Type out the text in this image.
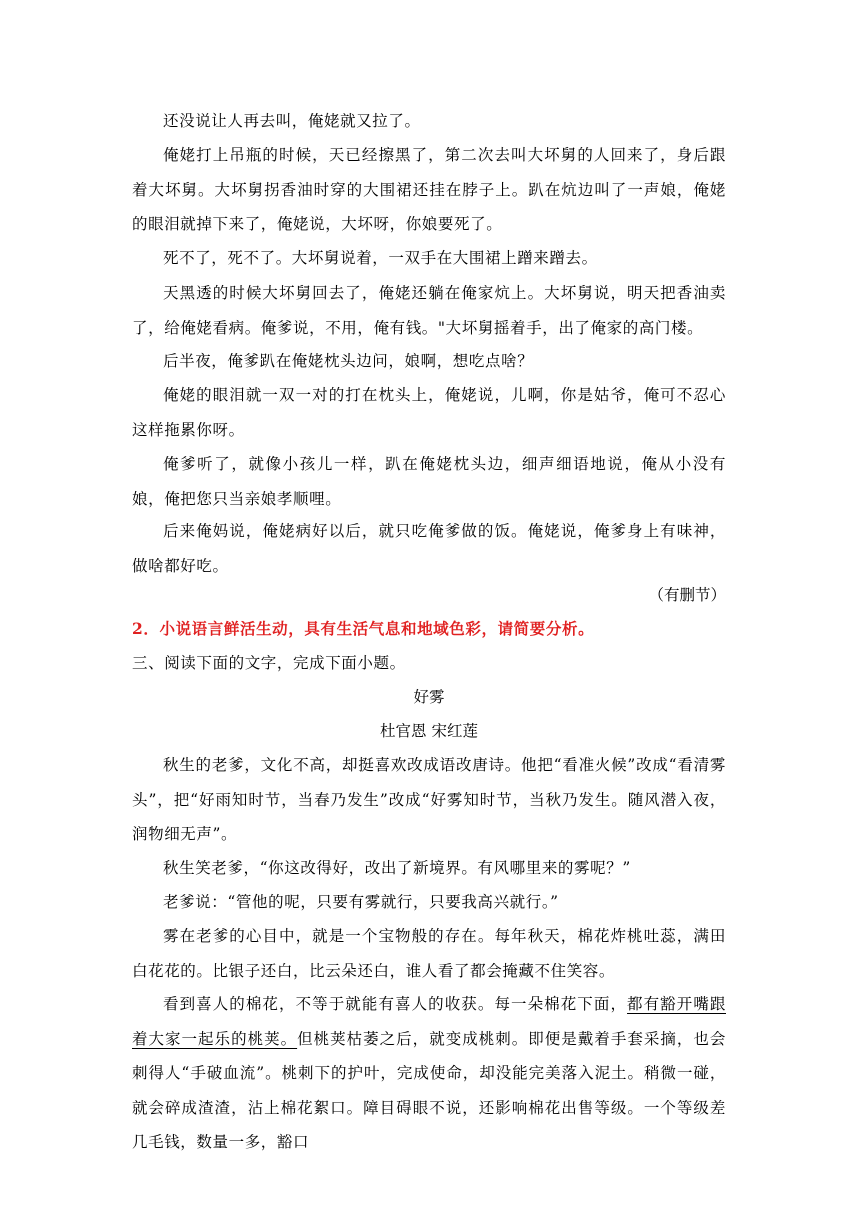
还没说让人再去叫，俺姥就又拉了。

俺姥打上吊瓶的时候，天已经擦黑了，第二次去叫大坏舅的人回来了，身后跟着大坏舅。大坏舅拐香油时穿的大围裙还挂在脖子上。趴在炕边叫了一声娘，俺姥的眼泪就掉下来了，俺姥说，大坏呀，你娘要死了。

死不了，死不了。大坏舅说着，一双手在大围裙上蹭来蹭去。

天黑透的时候大坏舅回去了，俺姥还躺在俺家炕上。大坏舅说，明天把香油卖了，给俺姥看病。俺爹说，不用，俺有钱。"大坏舅摇着手，出了俺家的高门楼。

后半夜，俺爹趴在俺姥枕头边问，娘啊，想吃点啥？

俺姥的眼泪就一双一对的打在枕头上，俺姥说，儿啊，你是姑爷，俺可不忍心这样拖累你呀。

俺爹听了，就像小孩儿一样，趴在俺姥枕头边，细声细语地说，俺从小没有娘，俺把您只当亲娘孝顺哩。

后来俺妈说，俺姥病好以后，就只吃俺爹做的饭。俺姥说，俺爹身上有味神，做啥都好吃。

（有删节）

2．小说语言鲜活生动，具有生活气息和地域色彩，请简要分析。

三、阅读下面的文字，完成下面小题。

好雾

杜官恩 宋红莲

秋生的老爹，文化不高，却挺喜欢改成语改唐诗。他把“看准火候”改成“看清雾头”，把“好雨知时节，当春乃发生”改成“好雾知时节，当秋乃发生。随风潜入夜，润物细无声”。

秋生笑老爹，“你这改得好，改出了新境界。有风哪里来的雾呢？”

老爹说：“管他的呢，只要有雾就行，只要我高兴就行。”

雾在老爹的心目中，就是一个宝物般的存在。每年秋天，棉花炸桃吐蕊，满田白花花的。比银子还白，比云朵还白，谁人看了都会掩藏不住笑容。

看到喜人的棉花，不等于就能有喜人的收获。每一朵棉花下面，都有豁开嘴跟着大家一起乐的桃荚。但桃荚枯萎之后，就变成桃刺。即便是戴着手套采摘，也会刺得人“手破血流”。桃刺下的护叶，完成使命，却没能完美落入泥土。稍微一碰，就会碎成渣渣，沾上棉花絮口。障目碍眼不说，还影响棉花出售等级。一个等级差几毛钱，数量一多，豁口
